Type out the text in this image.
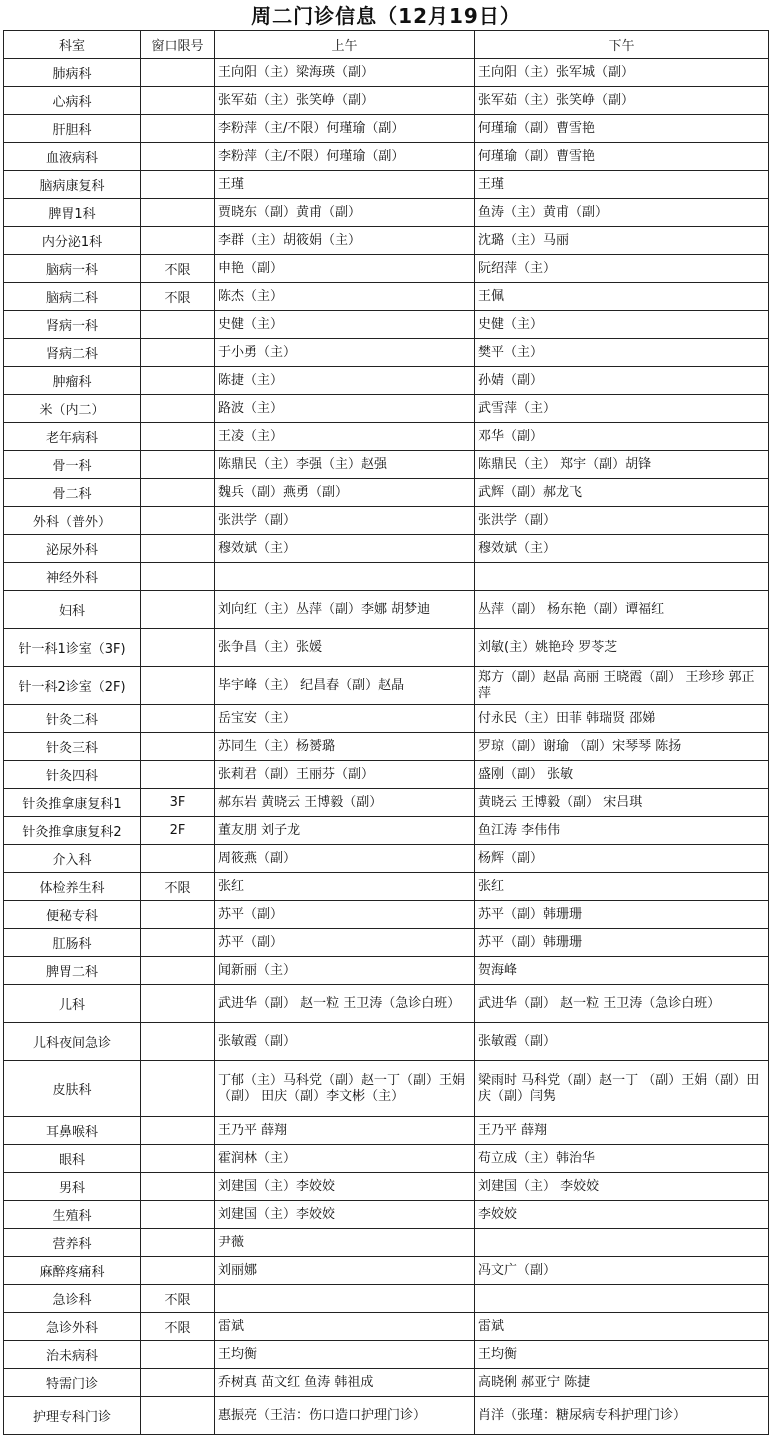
周二门诊信息（12月19日）
科室	窗口限号	上午	下午
肺病科		王向阳（主）梁海瑛（副）	王向阳（主）张军城（副）
心病科		张军茹（主）张笑峥（副）	张军茹（主）张笑峥（副）
肝胆科		李粉萍（主/不限）何瑾瑜（副）	何瑾瑜（副）曹雪艳
血液病科		李粉萍（主/不限）何瑾瑜（副）	何瑾瑜（副）曹雪艳
脑病康复科		王瑾	王瑾
脾胃1科		贾晓东（副）黄甫（副）	鱼涛（主）黄甫（副）
内分泌1科		李群（主）胡筱娟（主）	沈璐（主）马丽
脑病一科	不限	申艳（副）	阮绍萍（主）
脑病二科	不限	陈杰（主）	王佩
肾病一科		史健（主）	史健（主）
肾病二科		于小勇（主）	樊平（主）
肿瘤科		陈捷（主）	孙婧（副）
米（内二）		路波（主）	武雪萍（主）
老年病科		王凌（主）	邓华（副）
骨一科		陈鼎民（主）李强（主）赵强	陈鼎民（主） 郑宇（副）胡锋
骨二科		魏兵（副）燕勇（副）	武辉（副）郝龙飞
外科（普外）		张洪学（副）	张洪学（副）
泌尿外科		穆效斌（主）	穆效斌（主）
神经外科			
妇科		刘向红（主）丛萍（副）李娜 胡梦迪	丛萍（副） 杨东艳（副）谭福红
针一科1诊室（3F)		张争昌（主）张媛	刘敏(主）姚艳玲 罗苓芝
针一科2诊室（2F)		毕宇峰（主） 纪昌春（副）赵晶	郑方（副）赵晶 高丽 王晓霞（副） 王珍珍 郭正萍
针灸二科		岳宝安（主）	付永民（主）田菲 韩瑞贤 邵娣
针灸三科		苏同生（主）杨赟璐	罗琼（副）谢瑜 （副）宋琴琴 陈扬
针灸四科		张莉君（副）王丽芬（副）	盛刚（副） 张敏
针灸推拿康复科1	3F	郝东岩 黄晓云 王博毅（副）	黄晓云 王博毅（副） 宋吕琪
针灸推拿康复科2	2F	董友朋 刘子龙	鱼江涛 李伟伟
介入科		周筱燕（副）	杨辉（副）
体检养生科	不限	张红	张红
便秘专科		苏平（副）	苏平（副）韩珊珊
肛肠科		苏平（副）	苏平（副）韩珊珊
脾胃二科		闻新丽（主）	贺海峰
儿科		武进华（副） 赵一粒 王卫涛（急诊白班）	武进华（副） 赵一粒 王卫涛（急诊白班）
儿科夜间急诊		张敏霞（副）	张敏霞（副）
皮肤科		丁郁（主）马科党（副）赵一丁（副）王娟（副） 田庆（副）李文彬（主）	梁雨时 马科党（副）赵一丁 （副）王娟（副）田庆（副）闫隽
耳鼻喉科		王乃平 薛翔	王乃平 薛翔
眼科		霍润林（主）	苟立成（主）韩治华
男科		刘建国（主）李姣姣	刘建国（主） 李姣姣
生殖科		刘建国（主）李姣姣	李姣姣
营养科		尹薇	
麻醉疼痛科		刘丽娜	冯文广（副）
急诊科	不限		
急诊外科	不限	雷斌	雷斌
治未病科		王均衡	王均衡
特需门诊		乔树真 苗文红 鱼涛 韩祖成	高晓俐 郝亚宁 陈捷
护理专科门诊		惠振亮（王洁：伤口造口护理门诊）	肖洋（张瑾：糖尿病专科护理门诊）
